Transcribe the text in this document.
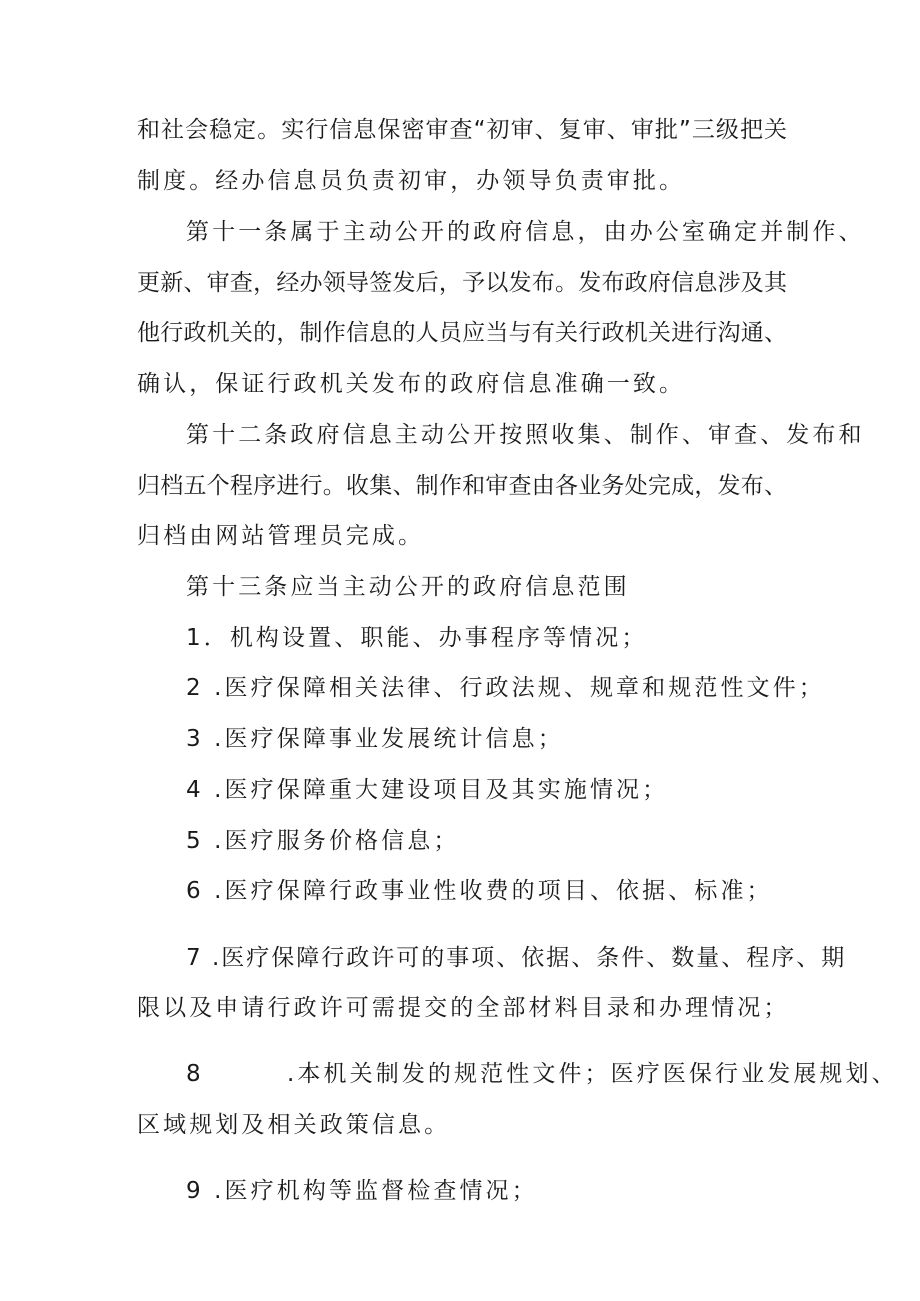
和社会稳定。实行信息保密审查“初审、复审、审批”三级把关
制度。经办信息员负责初审，办领导负责审批。
第十一条属于主动公开的政府信息，由办公室确定并制作、
更新、审查，经办领导签发后，予以发布。发布政府信息涉及其
他行政机关的，制作信息的人员应当与有关行政机关进行沟通、
确认，保证行政机关发布的政府信息准确一致。
第十二条政府信息主动公开按照收集、制作、审查、发布和
归档五个程序进行。收集、制作和审查由各业务处完成，发布、
归档由网站管理员完成。
第十三条应当主动公开的政府信息范围
1．机构设置、职能、办事程序等情况；
2 .医疗保障相关法律、行政法规、规章和规范性文件；
3 .医疗保障事业发展统计信息；
4 .医疗保障重大建设项目及其实施情况；
5 .医疗服务价格信息；
6 .医疗保障行政事业性收费的项目、依据、标准；
7 .医疗保障行政许可的事项、依据、条件、数量、程序、期
限以及申请行政许可需提交的全部材料目录和办理情况；
8        .本机关制发的规范性文件；医疗医保行业发展规划、
区域规划及相关政策信息。
9 .医疗机构等监督检查情况；
